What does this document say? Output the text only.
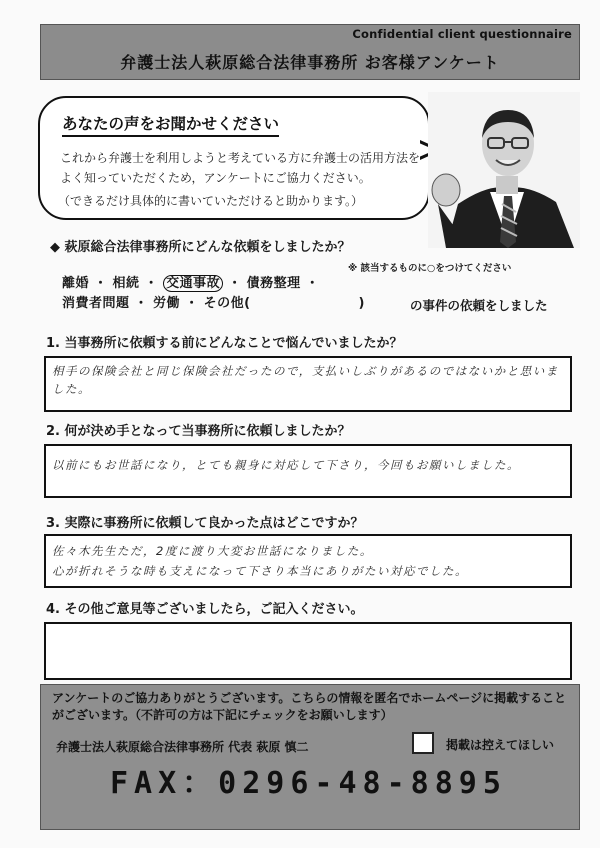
Confidential client questionnaire
弁護士法人萩原総合法律事務所 お客様アンケート
あなたの声をお聞かせください
これから弁護士を利用しようと考えている方に弁護士の活用方法をよく知っていただくため，アンケートにご協力ください。
（できるだけ具体的に書いていただけると助かります。）
◆ 萩原総合法律事務所にどんな依頼をしましたか？
※ 該当するものに○をつけてください
離婚 ・ 相続 ・ 交通事故 ・ 債務整理 ・
消費者問題 ・ 労働 ・ その他(　　　　　　　　)	の事件の依頼をしました
1. 当事務所に依頼する前にどんなことで悩んでいましたか？
相手の保険会社と同じ保険会社だったので，支払いしぶりがあるのではないかと思いました。
2. 何が決め手となって当事務所に依頼しましたか？
以前にもお世話になり，とても親身に対応して下さり，今回もお願いしました。
3. 実際に事務所に依頼して良かった点はどこですか？
佐々木先生ただ，2度に渡り大変お世話になりました。
心が折れそうな時も支えになって下さり本当にありがたい対応でした。
4. その他ご意見等ございましたら，ご記入ください。
アンケートのご協力ありがとうございます。こちらの情報を匿名でホームページに掲載することがございます。（不許可の方は下記にチェックをお願いします）
弁護士法人萩原総合法律事務所 代表 萩原 慎二	掲載は控えてほしい
FAX：0296-48-8895
